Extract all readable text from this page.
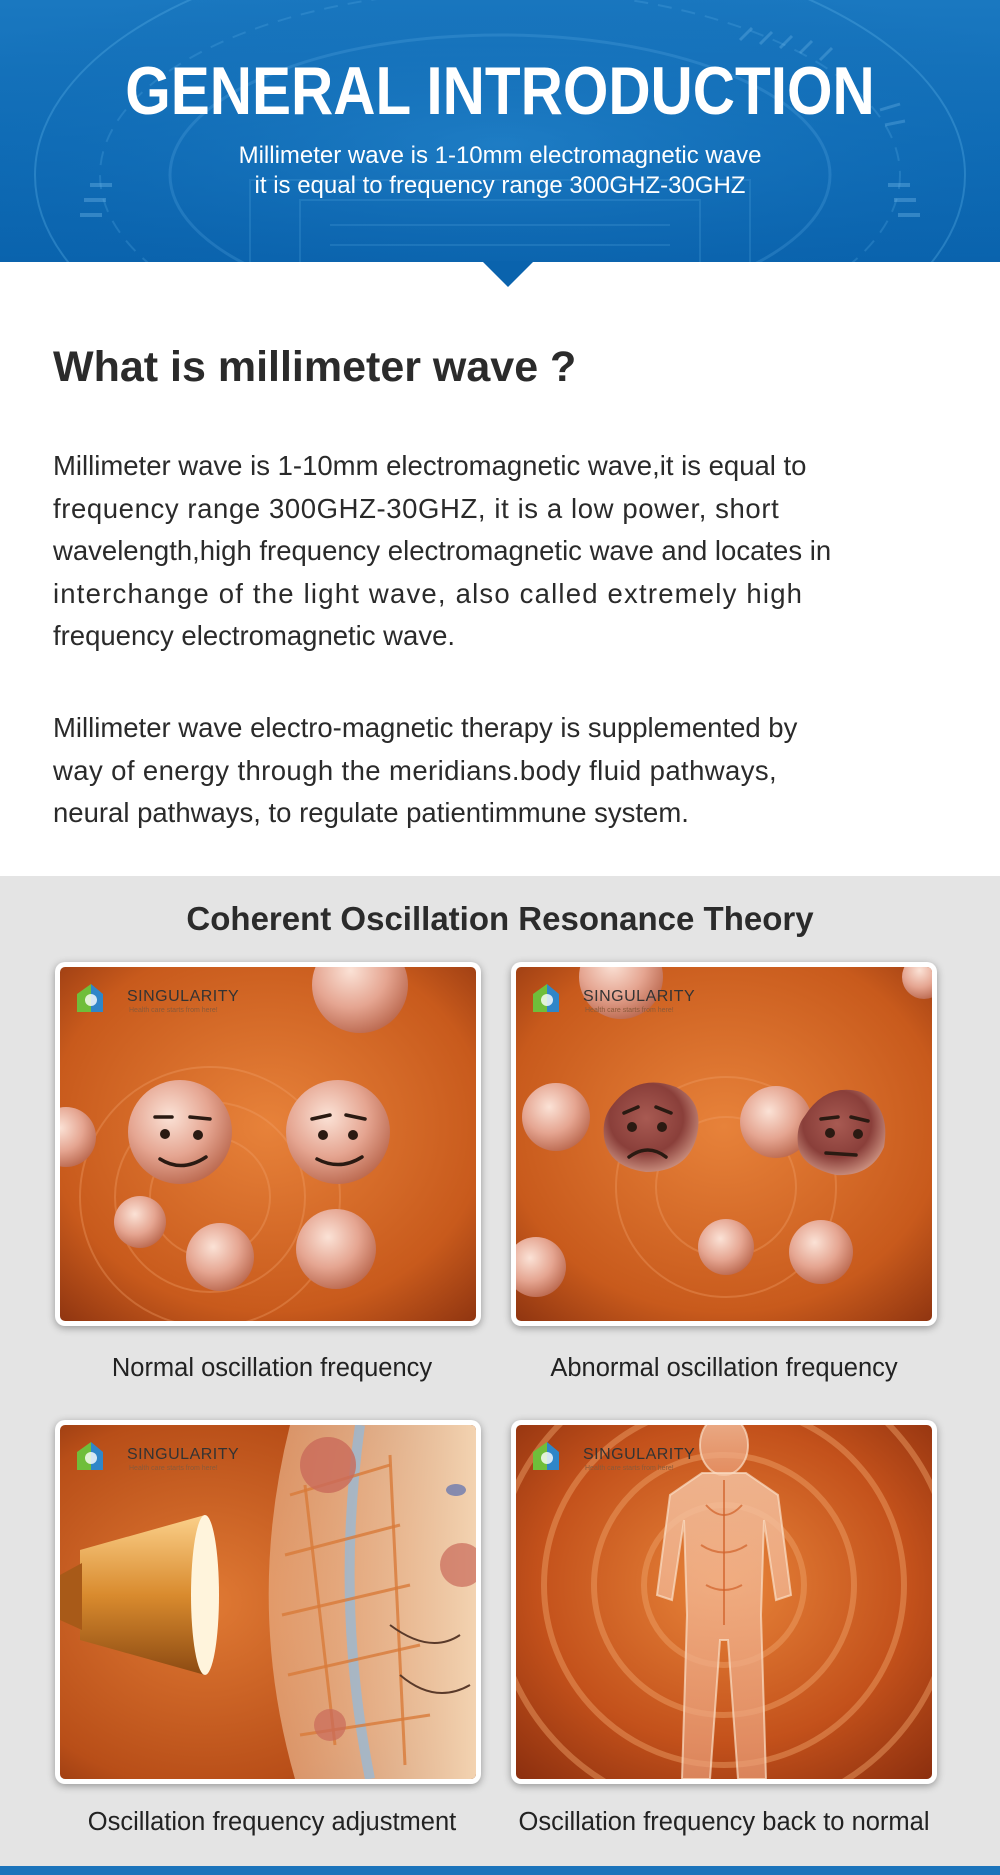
GENERAL INTRODUCTION
Millimeter wave is 1-10mm electromagnetic wave
it is equal to frequency range 300GHZ-30GHZ
What is millimeter wave ?
Millimeter wave is 1-10mm electromagnetic wave,it is equal to
frequency range 300GHZ-30GHZ, it is a low power, short
wavelength,high frequency electromagnetic wave and locates in
interchange of the light wave, also called extremely high
frequency electromagnetic wave.
Millimeter wave electro-magnetic therapy is supplemented by
way of energy through the meridians.body fluid pathways,
neural pathways, to regulate patientimmune system.
Coherent Oscillation Resonance Theory
SINGULARITY
Health care starts from here!
Normal oscillation frequency
SINGULARITY
Health care starts from here!
Abnormal oscillation frequency
SINGULARITY
Health care starts from here!
Oscillation frequency adjustment
SINGULARITY
Health care starts from here!
Oscillation frequency back to normal
